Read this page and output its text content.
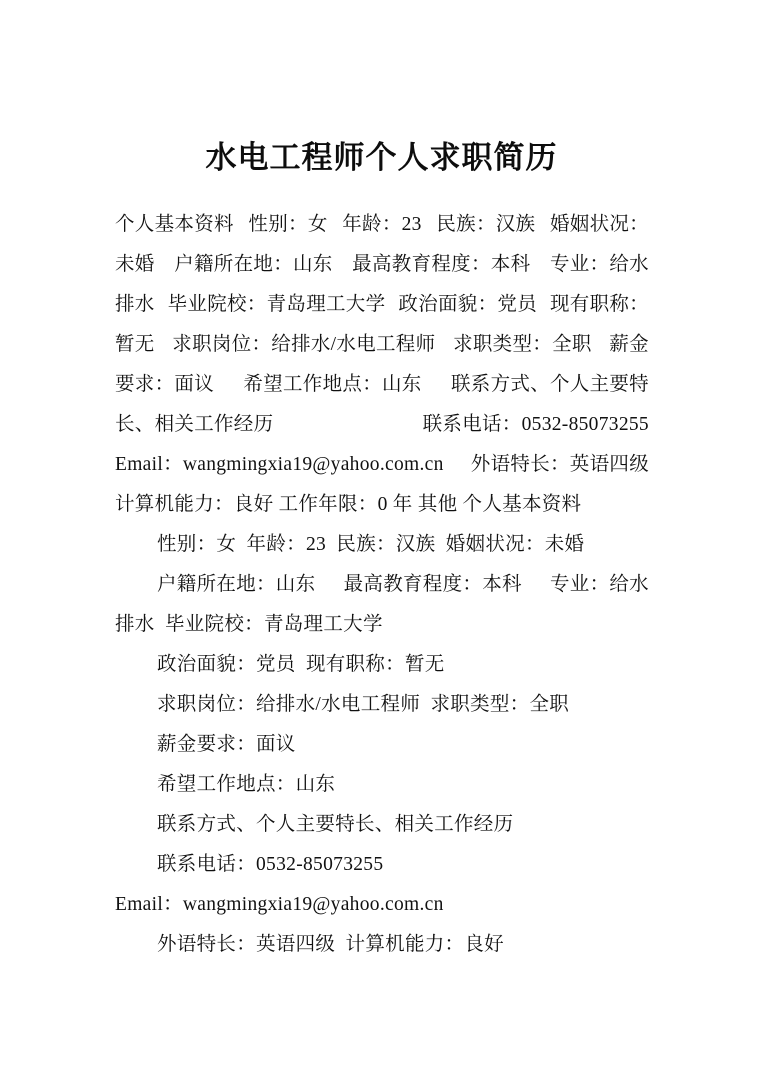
水电工程师个人求职简历
个人基本资料 性别：女 年龄：23 民族：汉族 婚姻状况：
未婚 户籍所在地：山东 最高教育程度：本科 专业：给水
排水 毕业院校：青岛理工大学 政治面貌：党员 现有职称：
暂无 求职岗位：给排水/水电工程师 求职类型：全职 薪金
要求：面议 希望工作地点：山东 联系方式、个人主要特
长、相关工作经历	联系电话：0532-85073255
Email：wangmingxia19@yahoo.com.cn 外语特长：英语四级
计算机能力：良好 工作年限：0 年 其他 个人基本资料
性别：女  年龄：23  民族：汉族  婚姻状况：未婚
户籍所在地：山东 最高教育程度：本科 专业：给水
排水  毕业院校：青岛理工大学
政治面貌：党员  现有职称：暂无
求职岗位：给排水/水电工程师  求职类型：全职
薪金要求：面议
希望工作地点：山东
联系方式、个人主要特长、相关工作经历
联系电话：0532-85073255
Email：wangmingxia19@yahoo.com.cn
外语特长：英语四级  计算机能力：良好
